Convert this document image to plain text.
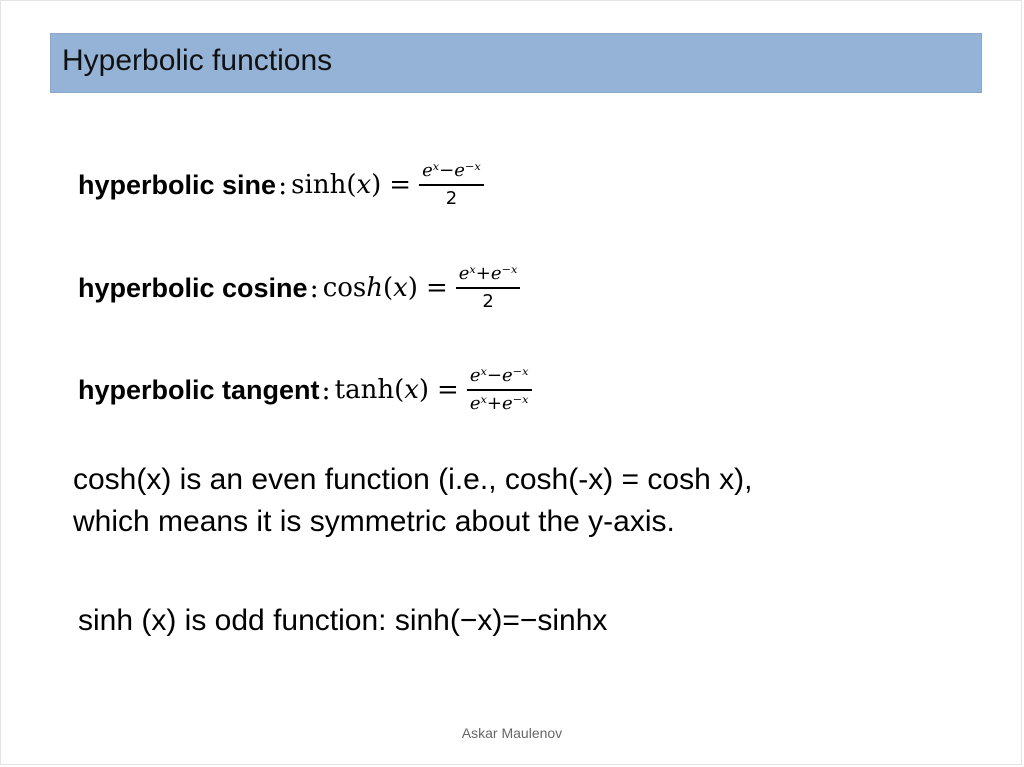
Hyperbolic functions
hyperbolic sine : sinh (𝑥) = $\frac{\text{𝑒ˣ−𝑒⁻ˣ}}{2}$
hyperbolic cosine : cos ℎ (𝑥) = $\frac{\text{𝑒ˣ+𝑒⁻ˣ}}{2}$
hyperbolic tangent : tanh (𝑥) = $\frac{\text{𝑒ˣ−𝑒⁻ˣ}}{\text{𝑒ˣ+𝑒⁻ˣ}}$
cosh(x) is an even function (i.e., cosh(-x) = cosh x),
which means it is symmetric about the y-axis.
sinh (x) is odd function: sinh(−x)=−sinhx
Askar Maulenov
